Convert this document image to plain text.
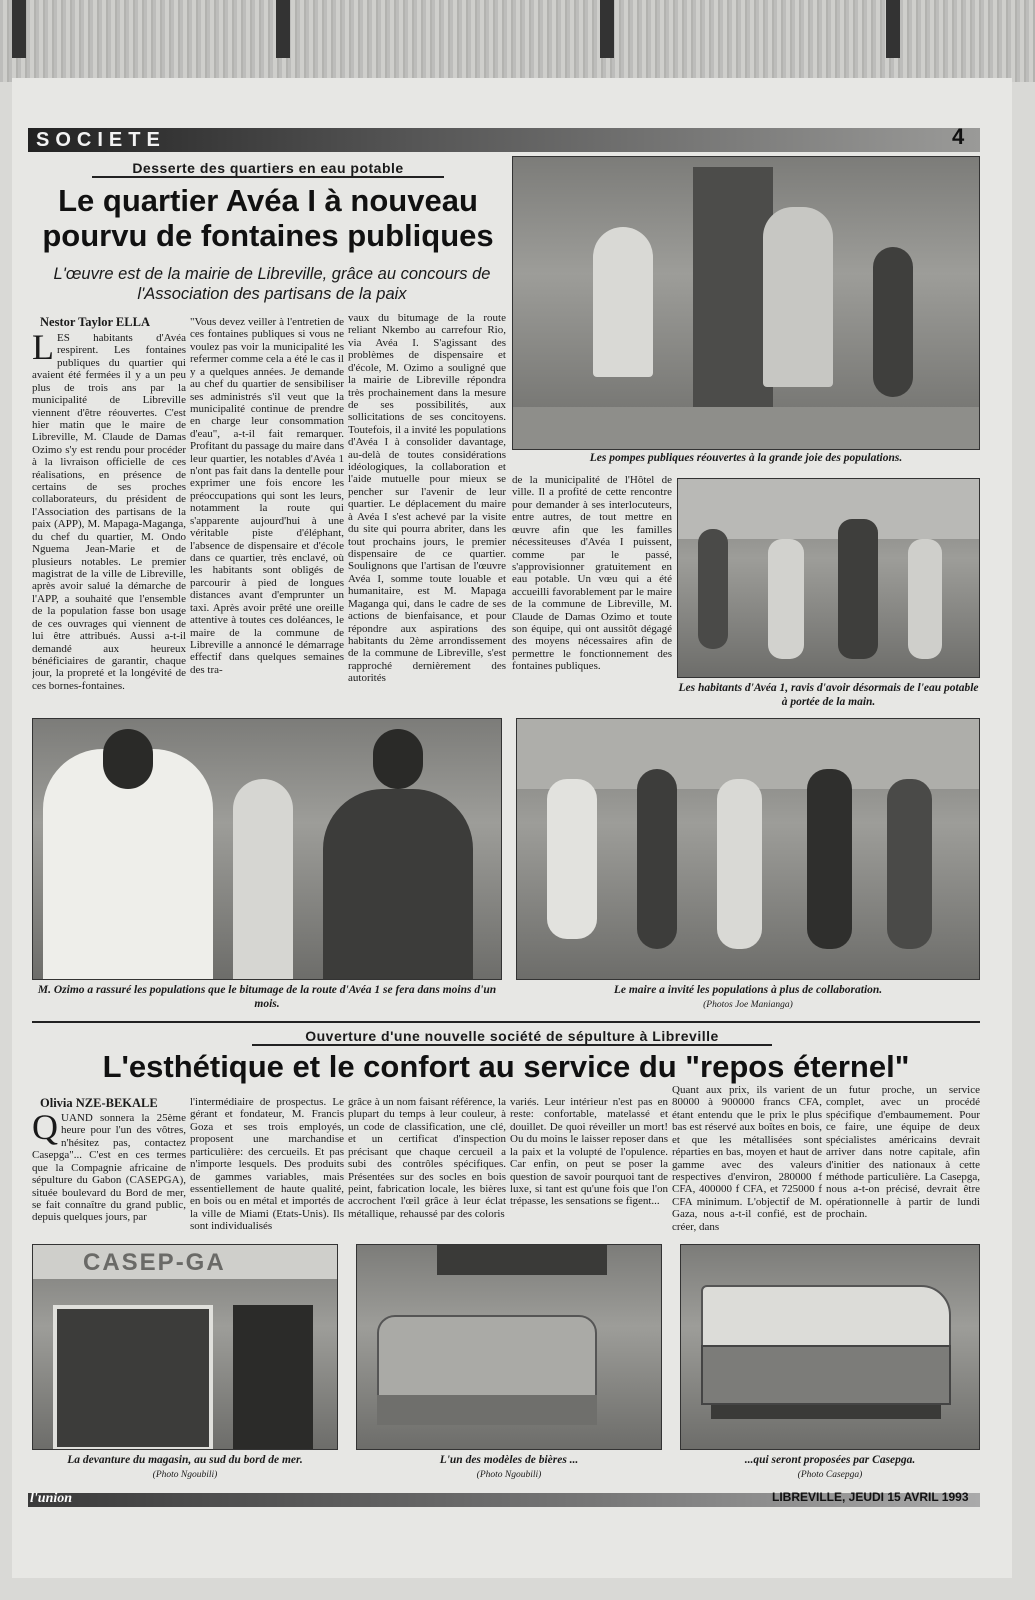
SOCIETE	4
Desserte des quartiers en eau potable
Le quartier Avéa I à nouveau pourvu de fontaines publiques
L'œuvre est de la mairie de Libreville, grâce au concours de l'Association des partisans de la paix
Nestor Taylor ELLA
LES habitants d'Avéa respirent. Les fontaines publiques du quartier qui avaient été fermées il y a un peu plus de trois ans par la municipalité de Libreville viennent d'être réouvertes. C'est hier matin que le maire de Libreville, M. Claude de Damas Ozimo s'y est rendu pour procéder à la livraison officielle de ces réalisations, en présence de certains de ses proches collaborateurs, du président de l'Association des partisans de la paix (APP), M. Mapaga-Maganga, du chef du quartier, M. Ondo Nguema Jean-Marie et de plusieurs notables. Le premier magistrat de la ville de Libreville, après avoir salué la démarche de l'APP, a souhaité que l'ensemble de la population fasse bon usage de ces ouvrages qui viennent de lui être attribués. Aussi a-t-il demandé aux heureux bénéficiaires de garantir, chaque jour, la propreté et la longévité de ces bornes-fontaines.
"Vous devez veiller à l'entretien de ces fontaines publiques si vous ne voulez pas voir la municipalité les refermer comme cela a été le cas il y a quelques années. Je demande au chef du quartier de sensibiliser ses administrés s'il veut que la municipalité continue de prendre en charge leur consommation d'eau", a-t-il fait remarquer. Profitant du passage du maire dans leur quartier, les notables d'Avéa 1 n'ont pas fait dans la dentelle pour exprimer une fois encore les préoccupations qui sont les leurs, notamment la route qui s'apparente aujourd'hui à une véritable piste d'éléphant, l'absence de dispensaire et d'école dans ce quartier, très enclavé, où les habitants sont obligés de parcourir à pied de longues distances avant d'emprunter un taxi. Après avoir prêté une oreille attentive à toutes ces doléances, le maire de la commune de Libreville a annoncé le démarrage effectif dans quelques semaines des tra-
vaux du bitumage de la route reliant Nkembo au carrefour Rio, via Avéa I. S'agissant des problèmes de dispensaire et d'école, M. Ozimo a souligné que la mairie de Libreville répondra très prochainement dans la mesure de ses possibilités, aux sollicitations de ses concitoyens. Toutefois, il a invité les populations d'Avéa I à consolider davantage, au-delà de toutes considérations idéologiques, la collaboration et l'aide mutuelle pour mieux se pencher sur l'avenir de leur quartier. Le déplacement du maire à Avéa I s'est achevé par la visite du site qui pourra abriter, dans les tout prochains jours, le premier dispensaire de ce quartier. Soulignons que l'artisan de l'œuvre Avéa I, somme toute louable et humanitaire, est M. Mapaga Maganga qui, dans le cadre de ses actions de bienfaisance, et pour répondre aux aspirations des habitants du 2ème arrondissement de la commune de Libreville, s'est rapproché dernièrement des autorités
de la municipalité de l'Hôtel de ville. Il a profité de cette rencontre pour demander à ses interlocuteurs, entre autres, de tout mettre en œuvre afin que les familles nécessiteuses d'Avéa I puissent, comme par le passé, s'approvisionner gratuitement en eau potable. Un vœu qui a été accueilli favorablement par le maire de la commune de Libreville, M. Claude de Damas Ozimo et toute son équipe, qui ont aussitôt dégagé des moyens nécessaires afin de permettre le fonctionnement des fontaines publiques.
Les pompes publiques réouvertes à la grande joie des populations.
Les habitants d'Avéa 1, ravis d'avoir désormais de l'eau potable à portée de la main.
M. Ozimo a rassuré les populations que le bitumage de la route d'Avéa 1 se fera dans moins d'un mois.
Le maire a invité les populations à plus de collaboration.
(Photos Joe Manianga)
Ouverture d'une nouvelle société de sépulture à Libreville
L'esthétique et le confort au service du "repos éternel"
Olivia NZE-BEKALE
QUAND sonnera la 25ème heure pour l'un des vôtres, n'hésitez pas, contactez Casepga"... C'est en ces termes que la Compagnie africaine de sépulture du Gabon (CASEPGA), située boulevard du Bord de mer, se fait connaître du grand public, depuis quelques jours, par
l'intermédiaire de prospectus. Le gérant et fondateur, M. Francis Goza et ses trois employés, proposent une marchandise particulière: des cercueils. Et pas n'importe lesquels. Des produits de gammes variables, mais essentiellement de haute qualité, en bois ou en métal et importés de la ville de Miami (Etats-Unis). Ils sont individualisés
grâce à un nom faisant référence, la plupart du temps à leur couleur, à un code de classification, une clé, et un certificat d'inspection précisant que chaque cercueil a subi des contrôles spécifiques. Présentées sur des socles en bois peint, fabrication locale, les bières accrochent l'œil grâce à leur éclat métallique, rehaussé par des coloris
variés. Leur intérieur n'est pas en reste: confortable, matelassé et douillet. De quoi réveiller un mort! Ou du moins le laisser reposer dans la paix et la volupté de l'opulence. Car enfin, on peut se poser la question de savoir pourquoi tant de luxe, si tant est qu'une fois que l'on trépasse, les sensations se figent...
Quant aux prix, ils varient de 80000 à 900000 francs CFA, étant entendu que le prix le plus bas est réservé aux boîtes en bois, et que les métallisées sont réparties en bas, moyen et haut de gamme avec des valeurs respectives d'environ, 280000 f CFA, 400000 f CFA, et 725000 f CFA minimum. L'objectif de M. Gaza, nous a-t-il confié, est de créer, dans
un futur proche, un service complet, avec un procédé spécifique d'embaumement. Pour ce faire, une équipe de deux spécialistes américains devrait arriver dans notre capitale, afin d'initier des nationaux à cette méthode particulière. La Casepga, nous a-t-on précisé, devrait être opérationnelle à partir de lundi prochain.
CASEP-GA
La devanture du magasin, au sud du bord de mer.
(Photo Ngoubili)
L'un des modèles de bières ...
(Photo Ngoubili)
...qui seront proposées par Casepga.
(Photo Casepga)
l'union	LIBREVILLE, JEUDI 15 AVRIL 1993
